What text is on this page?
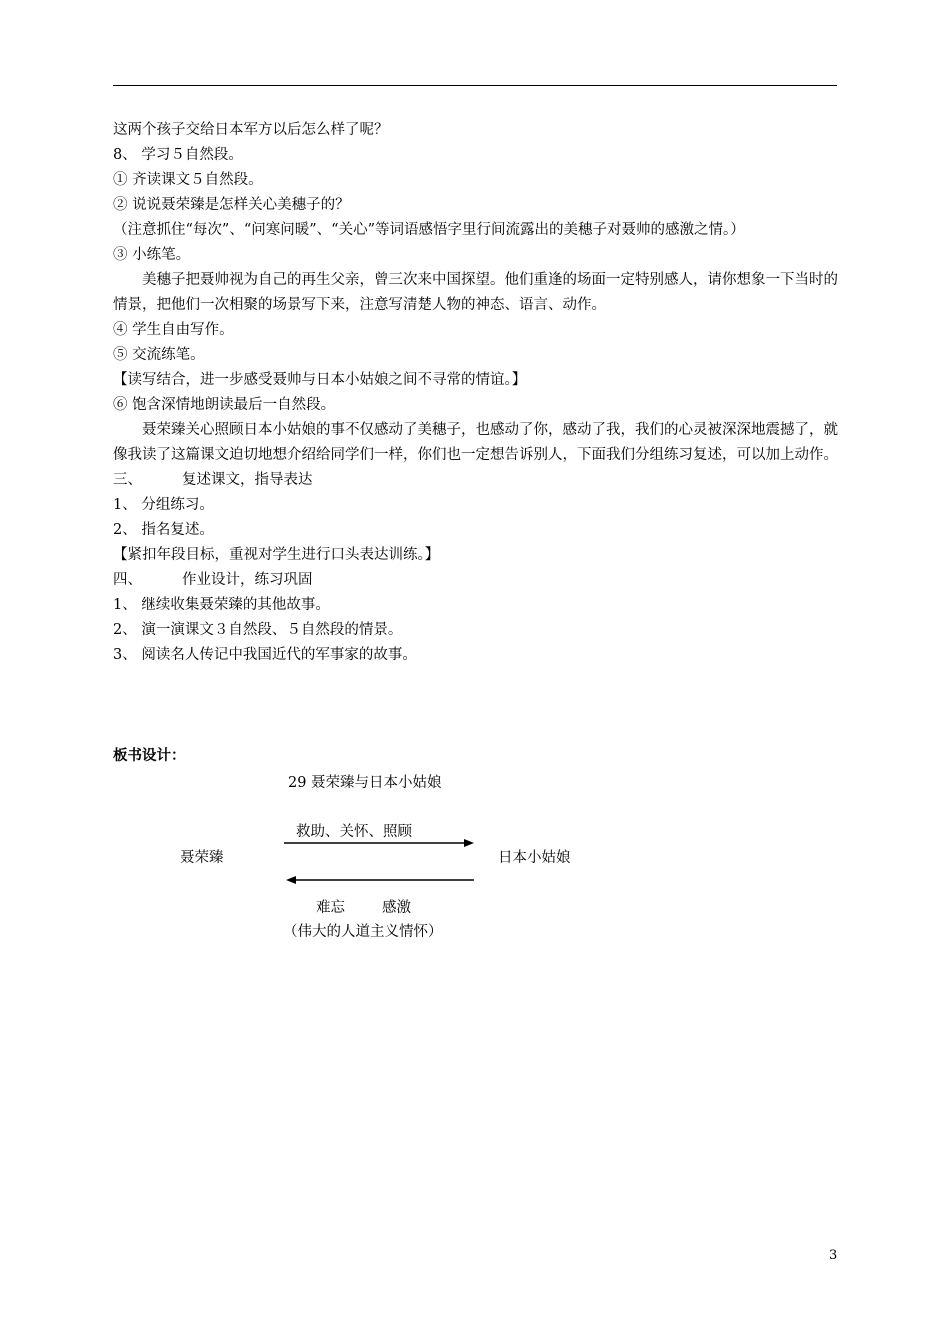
这两个孩子交给日本军方以后怎么样了呢？

8、 学习５自然段。

① 齐读课文５自然段。

② 说说聂荣臻是怎样关心美穗子的？

（注意抓住“每次”、“问寒问暖”、“关心”等词语感悟字里行间流露出的美穗子对聂帅的感激之情。）

③ 小练笔。

美穗子把聂帅视为自己的再生父亲，曾三次来中国探望。他们重逢的场面一定特别感人，请你想象一下当时的情景，把他们一次相聚的场景写下来，注意写清楚人物的神态、语言、动作。

④ 学生自由写作。

⑤ 交流练笔。

【读写结合，进一步感受聂帅与日本小姑娘之间不寻常的情谊。】

⑥ 饱含深情地朗读最后一自然段。

聂荣臻关心照顾日本小姑娘的事不仅感动了美穗子，也感动了你，感动了我，我们的心灵被深深地震撼了，就像我读了这篇课文迫切地想介绍给同学们一样，你们也一定想告诉别人，下面我们分组练习复述，可以加上动作。

三、	复述课文，指导表达

1、 分组练习。

2、 指名复述。

【紧扣年段目标，重视对学生进行口头表达训练。】

四、	作业设计，练习巩固

1、 继续收集聂荣臻的其他故事。

2、 演一演课文３自然段、５自然段的情景。

3、 阅读名人传记中我国近代的军事家的故事。

板书设计：
29 聂荣臻与日本小姑娘
救助、关怀、照顾
聂荣臻	日本小姑娘
难忘	感激
（伟大的人道主义情怀）
3
